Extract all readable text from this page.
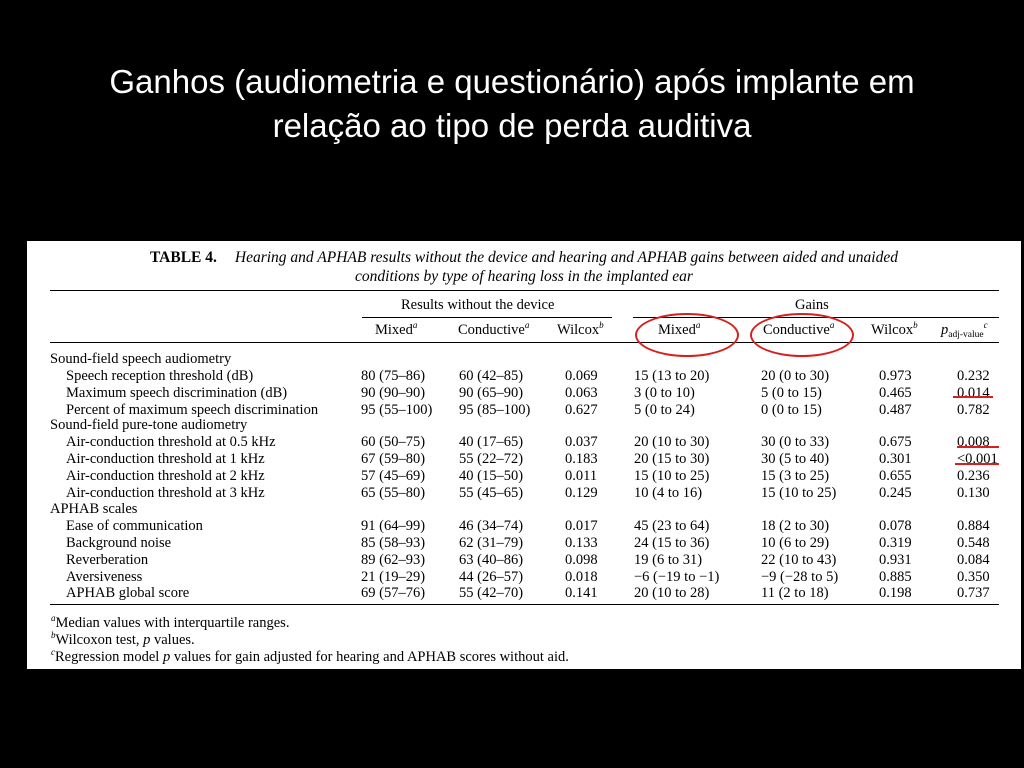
Ganhos (audiometria e questionário) após implante em
relação ao tipo de perda auditiva
TABLE 4. Hearing and APHAB results without the device and hearing and APHAB gains between aided and unaided
conditions by type of hearing loss in the implanted ear
Results without the device	Gains
Mixed$^a$	Conductive$^a$ Wilcox$^b$	Mixed$^a$	Conductive$^a$	Wilcox$^b$ $p_{adj-value}^c$
Sound-field speech audiometry
Sound-field pure-tone audiometry
APHAB scales
Speech reception threshold (dB)	80 (75–86) 60 (42–85)	0.069	15 (13 to 20)	20 (0 to 30)	0.973	0.232
Maximum speech discrimination (dB)	90 (90–90) 90 (65–90)	0.063	3 (0 to 10)	5 (0 to 15)	0.465	0.014
Percent of maximum speech discrimination	95 (55–100) 95 (85–100) 0.627	5 (0 to 24)	0 (0 to 15)	0.487	0.782
Air-conduction threshold at 0.5 kHz	60 (50–75) 40 (17–65)	0.037	20 (10 to 30)	30 (0 to 33)	0.675	0.008
Air-conduction threshold at 1 kHz	67 (59–80) 55 (22–72)	0.183	20 (15 to 30)	30 (5 to 40)	0.301	<0.001
Air-conduction threshold at 2 kHz	57 (45–69) 40 (15–50)	0.011	15 (10 to 25)	15 (3 to 25)	0.655	0.236
Air-conduction threshold at 3 kHz	65 (55–80) 55 (45–65)	0.129	10 (4 to 16)	15 (10 to 25)	0.245	0.130
Ease of communication	91 (64–99) 46 (34–74)	0.017	45 (23 to 64)	18 (2 to 30)	0.078	0.884
Background noise	85 (58–93) 62 (31–79)	0.133	24 (15 to 36)	10 (6 to 29)	0.319	0.548
Reverberation	89 (62–93) 63 (40–86)	0.098	19 (6 to 31)	22 (10 to 43)	0.931	0.084
Aversiveness	21 (19–29) 44 (26–57)	0.018	−6 (−19 to −1)	−9 (−28 to 5)	0.885	0.350
APHAB global score	69 (57–76) 55 (42–70)	0.141	20 (10 to 28)	11 (2 to 18)	0.198	0.737
$^a$Median values with interquartile ranges.
$^b$Wilcoxon test, p values.
$^c$Regression model p values for gain adjusted for hearing and APHAB scores without aid.
